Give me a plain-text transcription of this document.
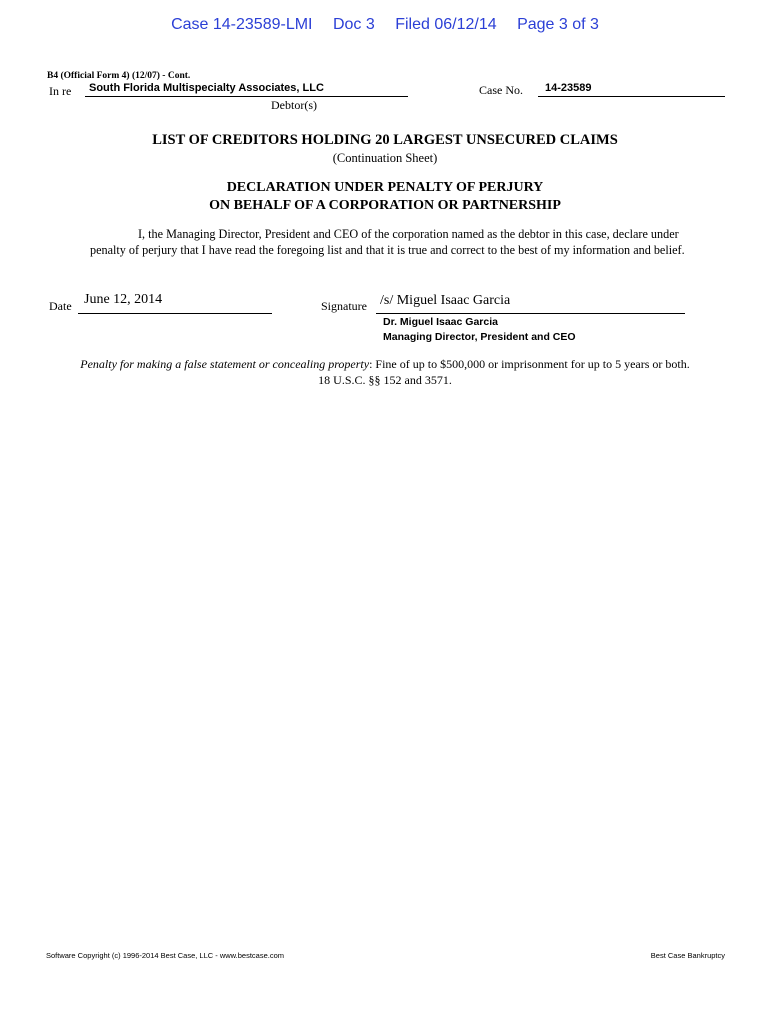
Case 14-23589-LMI Doc 3 Filed 06/12/14 Page 3 of 3
B4 (Official Form 4) (12/07) - Cont.
In re South Florida Multispecialty Associates, LLC
Debtor(s)
Case No. 14-23589
LIST OF CREDITORS HOLDING 20 LARGEST UNSECURED CLAIMS
(Continuation Sheet)
DECLARATION UNDER PENALTY OF PERJURY
ON BEHALF OF A CORPORATION OR PARTNERSHIP

I, the Managing Director, President and CEO of the corporation named as the debtor in this case, declare under penalty of perjury that I have read the foregoing list and that it is true and correct to the best of my information and belief.

Date June 12, 2014	Signature /s/ Miguel Isaac Garcia
Dr. Miguel Isaac Garcia
Managing Director, President and CEO
Penalty for making a false statement or concealing property: Fine of up to $500,000 or imprisonment for up to 5 years or both.
18 U.S.C. §§ 152 and 3571.
Software Copyright (c) 1996-2014 Best Case, LLC - www.bestcase.com	Best Case Bankruptcy
